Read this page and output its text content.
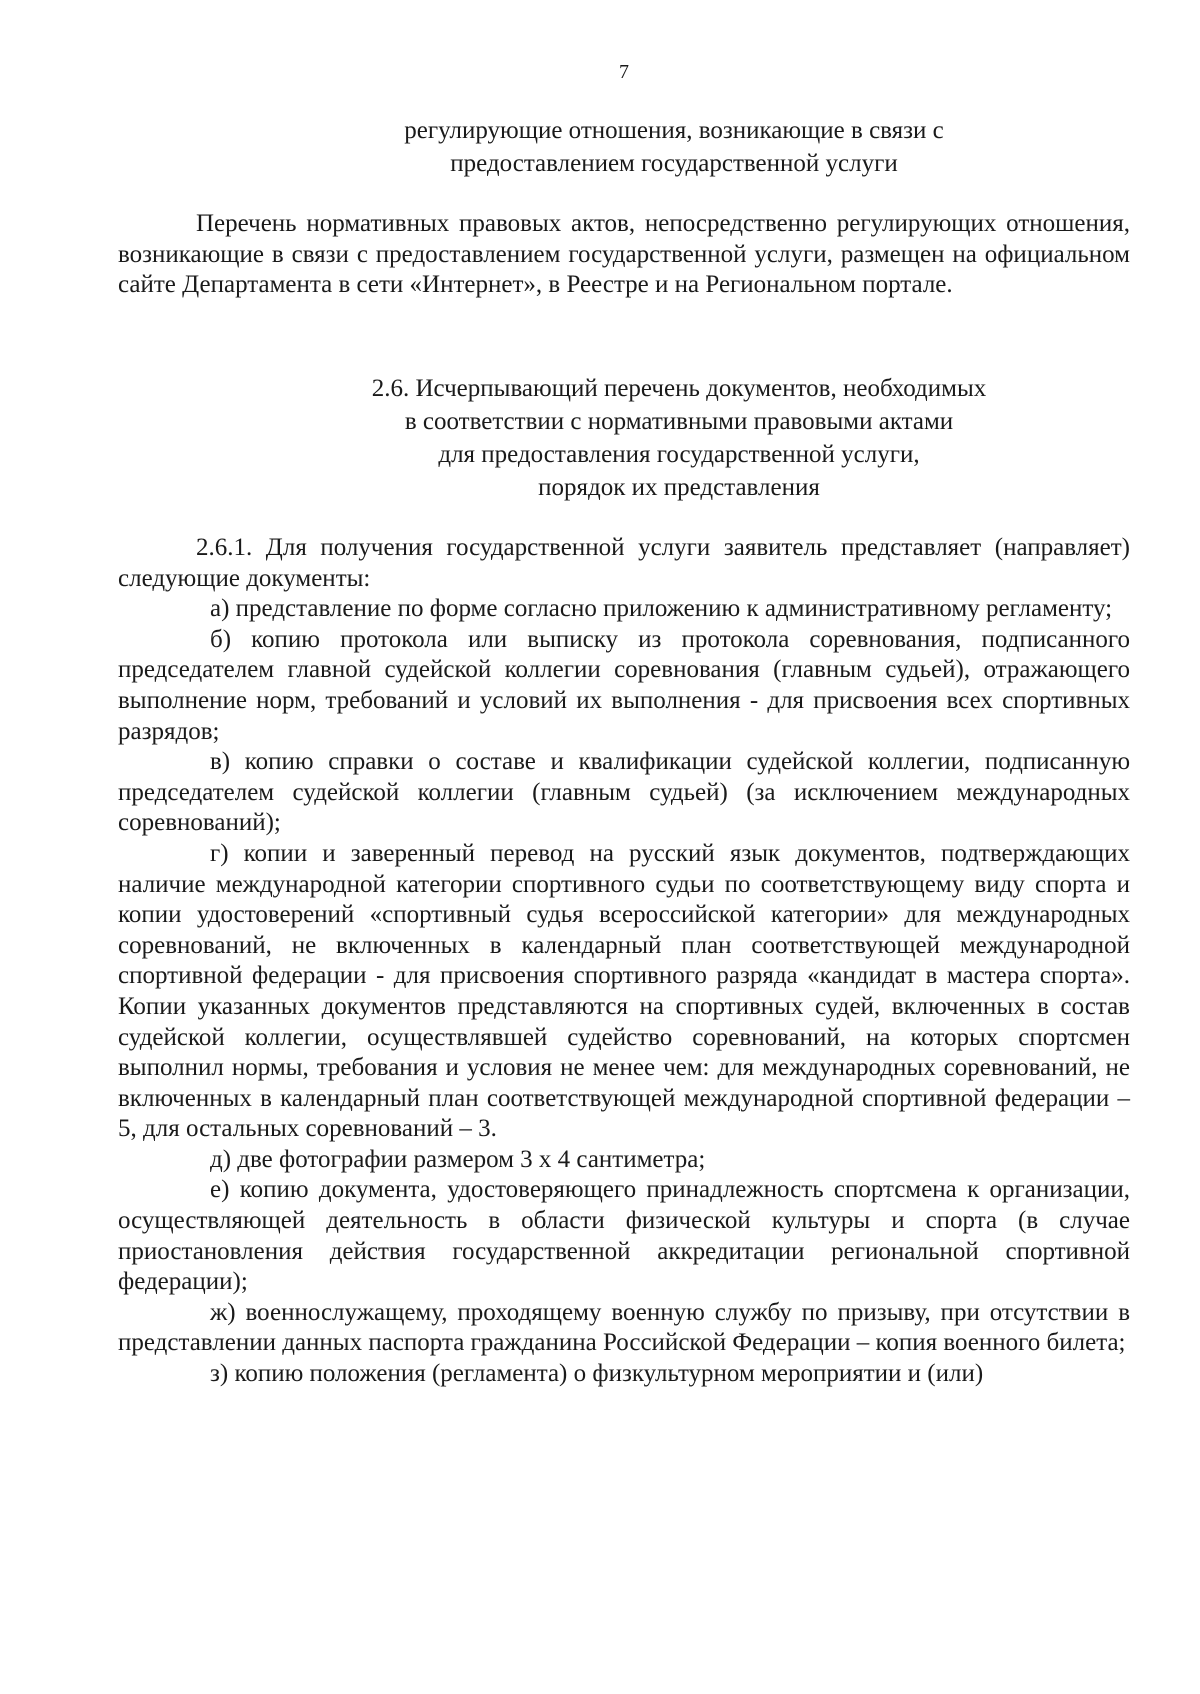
7

регулирующие отношения, возникающие в связи с

предоставлением государственной услуги

Перечень нормативных правовых актов, непосредственно регулирующих отношения, возникающие в связи с предоставлением государственной услуги, размещен на официальном сайте Департамента в сети «Интернет», в Реестре и на Региональном портале.

2.6. Исчерпывающий перечень документов, необходимых

в соответствии с нормативными правовыми актами

для предоставления государственной услуги,

порядок их представления

2.6.1. Для получения государственной услуги заявитель представляет (направляет) следующие документы:

а) представление по форме согласно приложению к административному регламенту;

б) копию протокола или выписку из протокола соревнования, подписанного председателем главной судейской коллегии соревнования (главным судьей), отражающего выполнение норм, требований и условий их выполнения - для присвоения всех спортивных разрядов;

в) копию справки о составе и квалификации судейской коллегии, подписанную председателем судейской коллегии (главным судьей) (за исключением международных соревнований);

г) копии и заверенный перевод на русский язык документов, подтверждающих наличие международной категории спортивного судьи по соответствующему виду спорта и копии удостоверений «спортивный судья всероссийской категории» для международных соревнований, не включенных в календарный план соответствующей международной спортивной федерации - для присвоения спортивного разряда «кандидат в мастера спорта». Копии указанных документов представляются на спортивных судей, включенных в состав судейской коллегии, осуществлявшей судейство соревнований, на которых спортсмен выполнил нормы, требования и условия не менее чем: для международных соревнований, не включенных в календарный план соответствующей международной спортивной федерации – 5, для остальных соревнований – 3.

д) две фотографии размером 3 х 4 сантиметра;

е) копию документа, удостоверяющего принадлежность спортсмена к организации, осуществляющей деятельность в области физической культуры и спорта (в случае приостановления действия государственной аккредитации региональной спортивной федерации);

ж) военнослужащему, проходящему военную службу по призыву, при отсутствии в представлении данных паспорта гражданина Российской Федерации – копия военного билета;

з) копию положения (регламента) о физкультурном мероприятии и (или)
